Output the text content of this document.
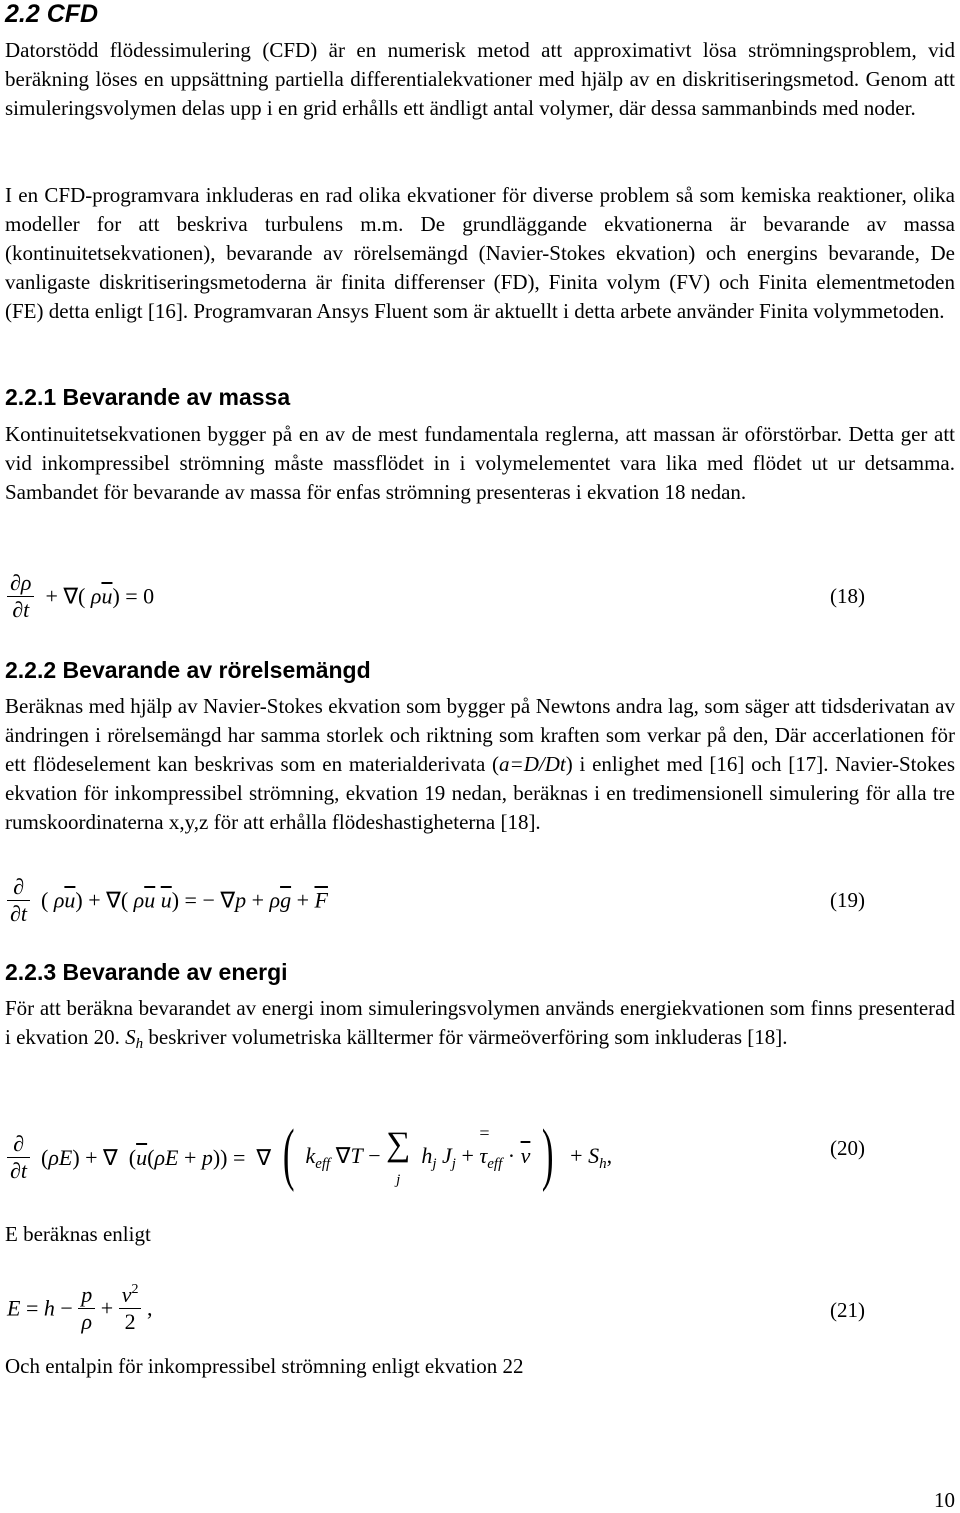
2.2 CFD

Datorstödd flödessimulering (CFD) är en numerisk metod att approximativt lösa strömningsproblem, vid beräkning löses en uppsättning partiella differentialekvationer med hjälp av en diskritiseringsmetod. Genom att simuleringsvolymen delas upp i en grid erhålls ett ändligt antal volymer, där dessa sammanbinds med noder.

I en CFD-programvara inkluderas en rad olika ekvationer för diverse problem så som kemiska reaktioner, olika modeller for att beskriva turbulens m.m. De grundläggande ekvationerna är bevarande av massa (kontinuitetsekvationen), bevarande av rörelsemängd (Navier-Stokes ekvation) och energins bevarande, De vanligaste diskritiseringsmetoderna är finita differenser (FD), Finita volym (FV) och Finita elementmetoden (FE) detta enligt [16]. Programvaran Ansys Fluent som är aktuellt i detta arbete använder Finita volymmetoden.

2.2.1 Bevarande av massa

Kontinuitetsekvationen bygger på en av de mest fundamentala reglerna, att massan är oförstörbar. Detta ger att vid inkompressibel strömning måste massflödet in i volymelementet vara lika med flödet ut ur detsamma. Sambandet för bevarande av massa för enfas strömning presenteras i ekvation 18 nedan.

$\frac{\partial\rho}{\partial t}$ + ∇( $\rho\overline{u}) = 0$	(18)
2.2.2 Bevarande av rörelsemängd

Beräknas med hjälp av Navier-Stokes ekvation som bygger på Newtons andra lag, som säger att tidsderivatan av ändringen i rörelsemängd har samma storlek och riktning som kraften som verkar på den, Där accerlationen för ett flödeselement kan beskrivas som en materialderivata (a=D/Dt) i enlighet med [16] och [17]. Navier-Stokes ekvation för inkompressibel strömning, ekvation 19 nedan, beräknas i en tredimensionell simulering för alla tre rumskoordinaterna x,y,z för att erhålla flödeshastigheterna [18].

$\frac{\partial}{\partial t}$ ( $\rho\overline{u}$) + ∇( $\rho\overline{u}$ $\overline{u}$) = − $\nabla p + \rho\overline{g} + \overline{F}$	(19)
2.2.3 Bevarande av energi

För att beräkna bevarandet av energi inom simuleringsvolymen används energiekvationen som finns presenterad i ekvation 20. Sh beskriver volumetriska källtermer för värmeöverföring som inkluderas [18].

$\frac{\partial}{\partial t} (\rho E)$ + ∇  $(\overline{u}(\rho E + p))$ =  ∇ ( $k_{eff}$ ∇T − ∑
j  $h_j$ $J_j + \tau$
=
$_{eff} \cdot \overline{v}$ )  + $S_h$,	(20)

E beräknas enligt

$E = h - \frac{p}{\rho} + \frac{v^2}{2}$ ,	(21)

Och entalpin för inkompressibel strömning enligt ekvation 22

10
